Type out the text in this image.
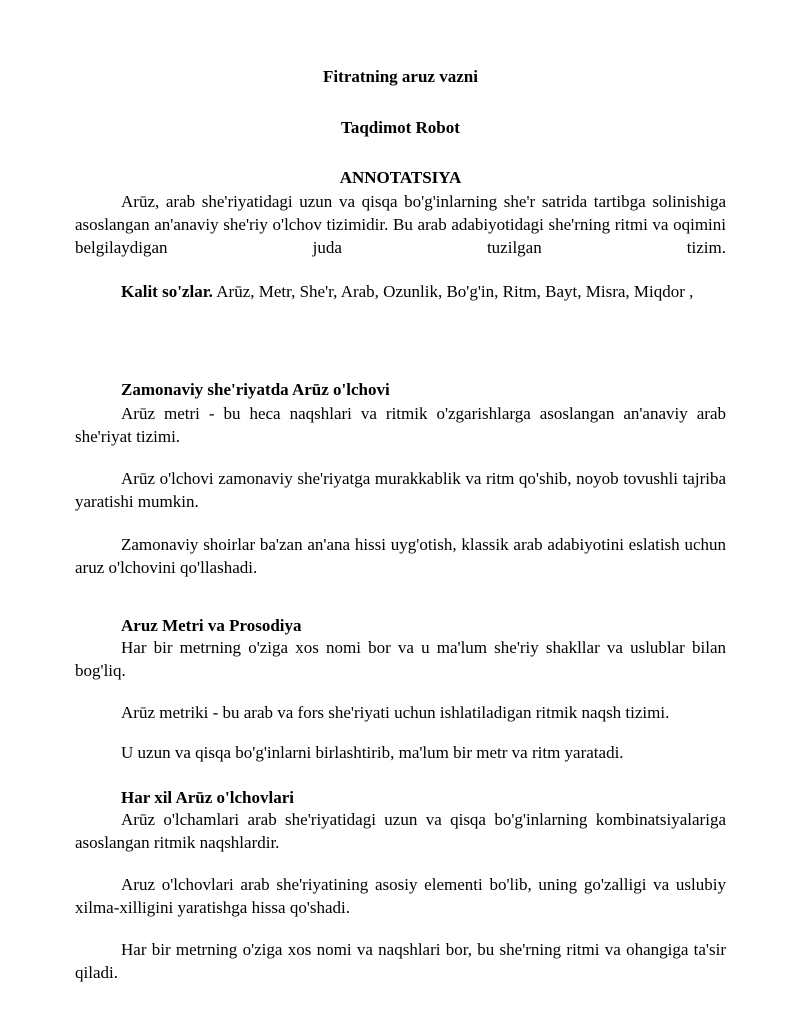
Fitratning aruz vazni
Taqdimot Robot
ANNOTATSIYA

Arūz, arab she'riyatidagi uzun va qisqa bo'g'inlarning she'r satrida tartibga solinishiga asoslangan an'anaviy she'riy o'lchov tizimidir. Bu arab adabiyotidagi she'rning ritmi va oqimini belgilaydigan juda tuzilgan tizim.

Kalit so'zlar. Arūz, Metr, She'r, Arab, Ozunlik, Bo'g'in, Ritm, Bayt, Misra, Miqdor ,

Zamonaviy she'riyatda Arūz o'lchovi

Arūz metri - bu heca naqshlari va ritmik o'zgarishlarga asoslangan an'anaviy arab she'riyat tizimi.

Arūz o'lchovi zamonaviy she'riyatga murakkablik va ritm qo'shib, noyob tovushli tajriba yaratishi mumkin.

Zamonaviy shoirlar ba'zan an'ana hissi uyg'otish, klassik arab adabiyotini eslatish uchun aruz o'lchovini qo'llashadi.

Aruz Metri va Prosodiya

Har bir metrning o'ziga xos nomi bor va u ma'lum she'riy shakllar va uslublar bilan bog'liq.

Arūz metriki - bu arab va fors she'riyati uchun ishlatiladigan ritmik naqsh tizimi.

U uzun va qisqa bo'g'inlarni birlashtirib, ma'lum bir metr va ritm yaratadi.

Har xil Arūz o'lchovlari

Arūz o'lchamlari arab she'riyatidagi uzun va qisqa bo'g'inlarning kombinatsiyalariga asoslangan ritmik naqshlardir.

Aruz o'lchovlari arab she'riyatining asosiy elementi bo'lib, uning go'zalligi va uslubiy xilma-xilligini yaratishga hissa qo'shadi.

Har bir metrning o'ziga xos nomi va naqshlari bor, bu she'rning ritmi va ohangiga ta'sir qiladi.
